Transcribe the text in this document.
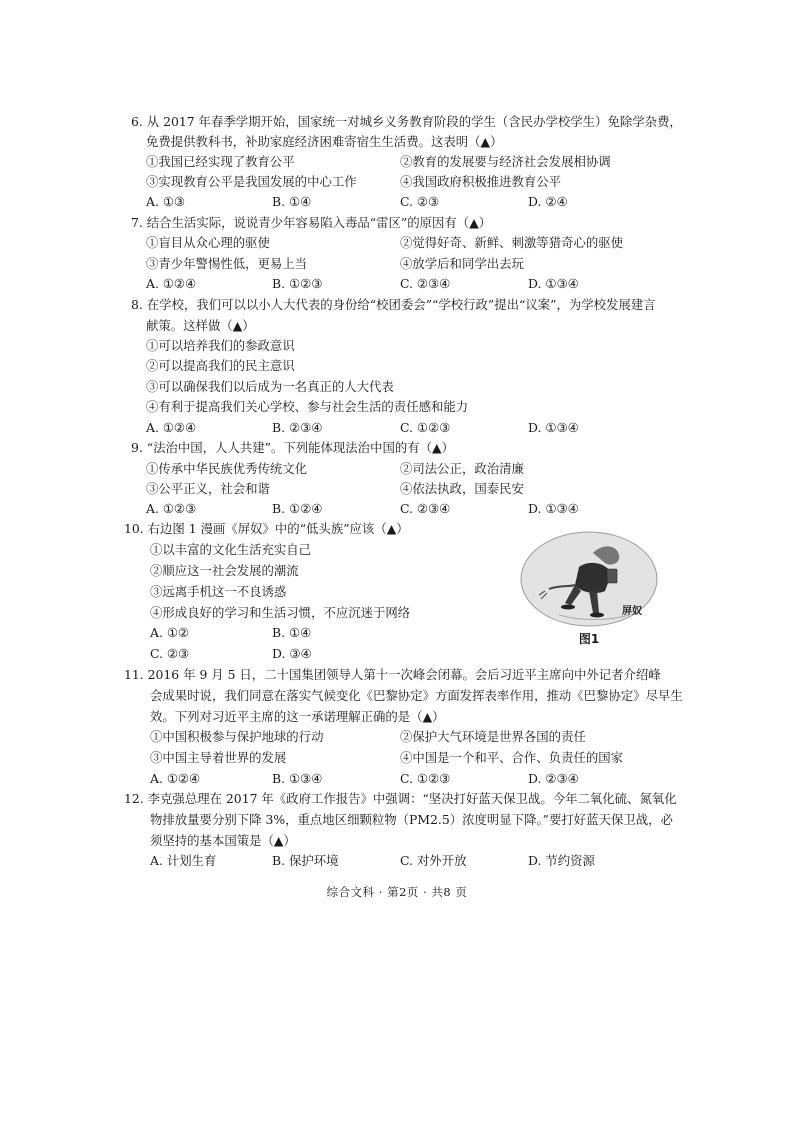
6. 从 2017 年春季学期开始，国家统一对城乡义务教育阶段的学生（含民办学校学生）免除学杂费，
免费提供教科书，补助家庭经济困难寄宿生生活费。这表明（▲）
①我国已经实现了教育公平	②教育的发展要与经济社会发展相协调
③实现教育公平是我国发展的中心工作	④我国政府积极推进教育公平
A. ①③	B. ①④	C. ②③	D. ②④
7. 结合生活实际，说说青少年容易陷入毒品“雷区”的原因有（▲）
①盲目从众心理的驱使	②觉得好奇、新鲜、刺激等猎奇心的驱使
③青少年警惕性低，更易上当	④放学后和同学出去玩
A. ①②④	B. ①②③	C. ②③④	D. ①③④
8. 在学校，我们可以以小人大代表的身份给“校团委会”“学校行政”提出“议案”，为学校发展建言
献策。这样做（▲）
①可以培养我们的参政意识
②可以提高我们的民主意识
③可以确保我们以后成为一名真正的人大代表
④有利于提高我们关心学校、参与社会生活的责任感和能力
A. ①②④	B. ②③④	C. ①②③	D. ①③④
9. “法治中国，人人共建”。下列能体现法治中国的有（▲）
①传承中华民族优秀传统文化	②司法公正，政治清廉
③公平正义，社会和谐	④依法执政，国泰民安
A. ①②③	B. ①②④	C. ②③④	D. ①③④
10. 右边图 1 漫画《屏奴》中的“低头族”应该（▲）
①以丰富的文化生活充实自己
②顺应这一社会发展的潮流
③远离手机这一不良诱惑
④形成良好的学习和生活习惯，不应沉迷于网络
A. ①②	B. ①④
C. ②③	D. ③④
屏奴
图1
11. 2016 年 9 月 5 日，二十国集团领导人第十一次峰会闭幕。会后习近平主席向中外记者介绍峰
会成果时说，我们同意在落实气候变化《巴黎协定》方面发挥表率作用，推动《巴黎协定》尽早生
效。下列对习近平主席的这一承诺理解正确的是（▲）
①中国积极参与保护地球的行动	②保护大气环境是世界各国的责任
③中国主导着世界的发展	④中国是一个和平、合作、负责任的国家
A. ①②④	B. ①③④	C. ①②③	D. ②③④
12. 李克强总理在 2017 年《政府工作报告》中强调：“坚决打好蓝天保卫战。今年二氧化硫、氮氧化
物排放量要分别下降 3%，重点地区细颗粒物（PM2.5）浓度明显下降。”要打好蓝天保卫战，必
须坚持的基本国策是（▲）
A. 计划生育	B. 保护环境	C. 对外开放	D. 节约资源
综合文科 · 第2页 · 共8 页
